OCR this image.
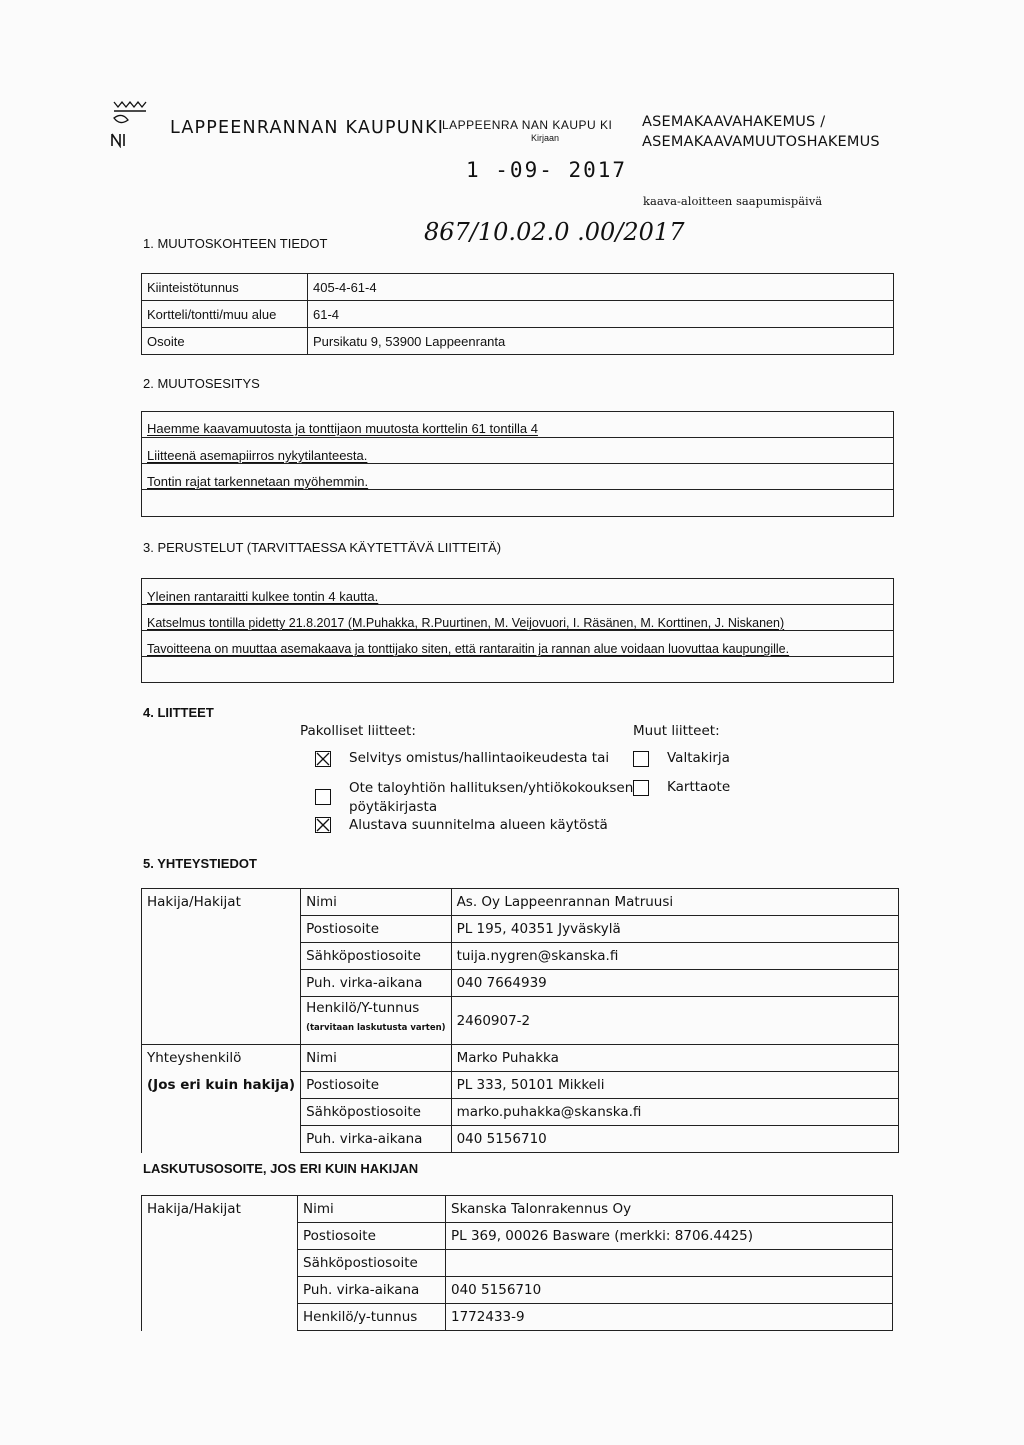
LAPPEENRANNAN KAUPUNKI
LAPPEENRA NAN KAUPU KI
Kirjaan
1 -09- 2017
ASEMAKAAVAHAKEMUS /
ASEMAKAAVAMUUTOSHAKEMUS
kaava-aloitteen saapumispäivä
867/10.02.0 .00/2017
1. MUUTOSKOHTEEN TIEDOT
Kiinteistötunnus	405-4-61-4
Kortteli/tontti/muu alue	61-4
Osoite	Pursikatu 9, 53900 Lappeenranta
2. MUUTOSESITYS
Haemme kaavamuutosta ja tonttijaon muutosta korttelin 61 tontilla 4
Liitteenä asemapiirros nykytilanteesta.
Tontin rajat tarkennetaan myöhemmin.
3. PERUSTELUT (TARVITTAESSA KÄYTETTÄVÄ LIITTEITÄ)
Yleinen rantaraitti kulkee tontin 4 kautta.
Katselmus tontilla pidetty 21.8.2017 (M.Puhakka, R.Puurtinen, M. Veijovuori, I. Räsänen, M. Korttinen, J. Niskanen)
Tavoitteena on muuttaa asemakaava ja tonttijako siten, että rantaraitin ja rannan alue voidaan luovuttaa kaupungille.
4. LIITTEET
Pakolliset liitteet:	Muut liitteet:
Selvitys omistus/hallintaoikeudesta tai
Ote taloyhtiön hallituksen/yhtiökokouksen
pöytäkirjasta
Alustava suunnitelma alueen käytöstä
Valtakirja
Karttaote
5. YHTEYSTIEDOT
Hakija/Hakijat	Nimi	As. Oy Lappeenrannan Matruusi
	Postiosoite	PL 195, 40351 Jyväskylä
	Sähköpostiosoite	tuija.nygren@skanska.fi
	Puh. virka-aikana	040 7664939

	Henkilö/Y-tunnus
(tarvitaan laskutusta varten)	2460907-2
Yhteyshenkilö	Nimi	Marko Puhakka
(Jos eri kuin hakija)	Postiosoite	PL 333, 50101 Mikkeli
	Sähköpostiosoite	marko.puhakka@skanska.fi
	Puh. virka-aikana	040 5156710
LASKUTUSOSOITE, JOS ERI KUIN HAKIJAN
Hakija/Hakijat	Nimi	Skanska Talonrakennus Oy
	Postiosoite	PL 369, 00026 Basware (merkki: 8706.4425)
	Sähköpostiosoite	
	Puh. virka-aikana	040 5156710
	Henkilö/y-tunnus	1772433-9
